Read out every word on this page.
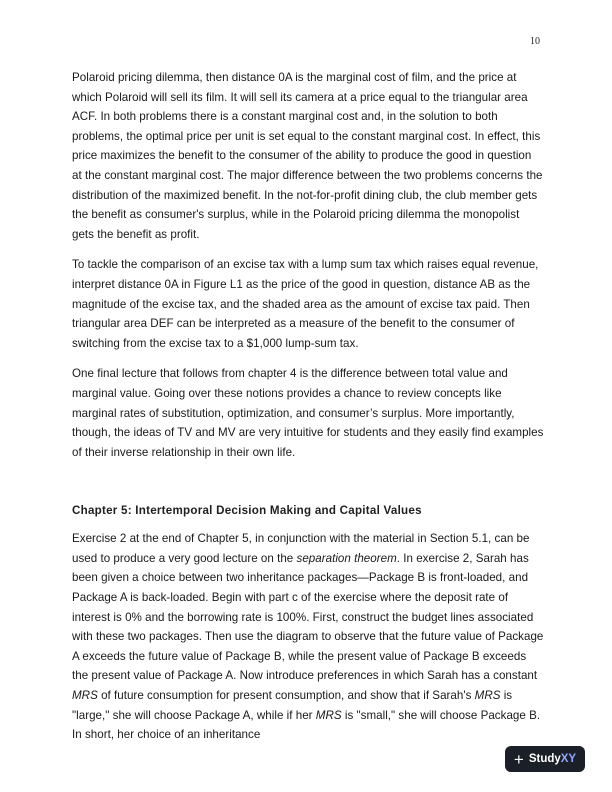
10

Polaroid pricing dilemma, then distance 0A is the marginal cost of film, and the price at which Polaroid will sell its film. It will sell its camera at a price equal to the triangular area ACF. In both problems there is a constant marginal cost and, in the solution to both problems, the optimal price per unit is set equal to the constant marginal cost. In effect, this price maximizes the benefit to the consumer of the ability to produce the good in question at the constant marginal cost. The major difference between the two problems concerns the distribution of the maximized benefit. In the not-for-profit dining club, the club member gets the benefit as consumer's surplus, while in the Polaroid pricing dilemma the monopolist gets the benefit as profit.

To tackle the comparison of an excise tax with a lump sum tax which raises equal revenue, interpret distance 0A in Figure L1 as the price of the good in question, distance AB as the magnitude of the excise tax, and the shaded area as the amount of excise tax paid. Then triangular area DEF can be interpreted as a measure of the benefit to the consumer of switching from the excise tax to a $1,000 lump-sum tax.

One final lecture that follows from chapter 4 is the difference between total value and marginal value. Going over these notions provides a chance to review concepts like marginal rates of substitution, optimization, and consumer’s surplus. More importantly, though, the ideas of TV and MV are very intuitive for students and they easily find examples of their inverse relationship in their own life.

Chapter 5: Intertemporal Decision Making and Capital Values

Exercise 2 at the end of Chapter 5, in conjunction with the material in Section 5.1, can be used to produce a very good lecture on the separation theorem. In exercise 2, Sarah has been given a choice between two inheritance packages—Package B is front-loaded, and Package A is back-loaded. Begin with part c of the exercise where the deposit rate of interest is 0% and the borrowing rate is 100%. First, construct the budget lines associated with these two packages. Then use the diagram to observe that the future value of Package A exceeds the future value of Package B, while the present value of Package B exceeds the present value of Package A. Now introduce preferences in which Sarah has a constant MRS of future consumption for present consumption, and show that if Sarah's MRS is "large," she will choose Package A, while if her MRS is "small," she will choose Package B. In short, her choice of an inheritance

+ Study XY
